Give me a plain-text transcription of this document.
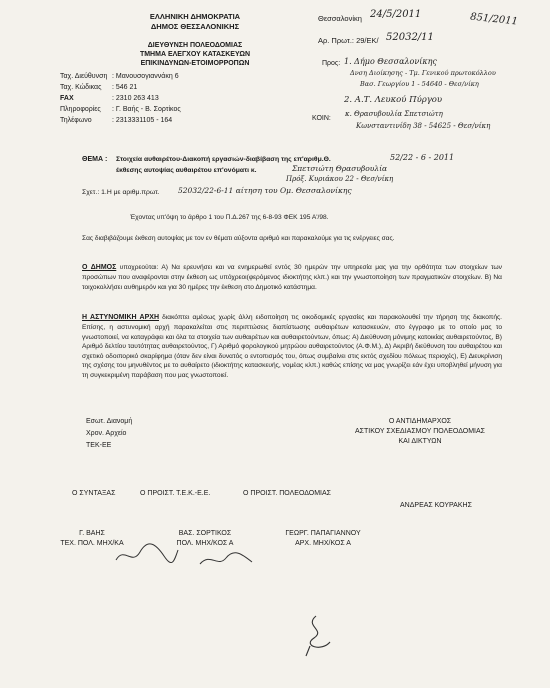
ΕΛΛΗΝΙΚΗ ΔΗΜΟΚΡΑΤΙΑ
ΔΗΜΟΣ ΘΕΣΣΑΛΟΝΙΚΗΣ
ΔΙΕΥΘΥΝΣΗ ΠΟΛΕΟΔΟΜΙΑΣ
ΤΜΗΜΑ ΕΛΕΓΧΟΥ ΚΑΤΑΣΚΕΥΩΝ
ΕΠΙΚΙΝΔΥΝΩΝ-ΕΤΟΙΜΟΡΡΟΠΩΝ
Ταχ. Διεύθυνση : Μανουσογιαννάκη 6
Ταχ. Κώδικας : 546 21
FAX	: 2310 263 413
Πληροφορίες : Γ. Βαής - Β. Σορτίκος
Τηλέφωνο	: 2313331105 - 164
Θεσσαλονίκη 24/5/2011	851/2011
Αρ. Πρωτ.: 29/ΕΚ/ 52032/11
Προς: 1. Δήμο Θεσσαλονίκης
Δνση Διοίκησης - Τμ. Γενικού πρωτοκόλλου
Βασ. Γεωργίου 1 - 54640 - Θεσ/νίκη
2. Α.Τ. Λευκού Πύργου
ΚΟΙΝ:
κ. Θρασυβουλία Σπετσιώτη
Κωνσταντινίδη 38 - 54625 - Θεσ/νίκη
ΘΕΜΑ : Στοιχεία αυθαιρέτου-Διακοπή εργασιών-διαβίβαση της επ'αριθμ.Θ.	52/22 - 6 - 2011
έκθεσης αυτοψίας αυθαιρέτου επ'ονόματι κ.	Σπετσιώτη Θρασυβουλία
Πρόξ. Κυριάκου 22 - Θεσ/νίκη
Σχετ.: 1.Η με αριθμ.πρωτ. 52032/22-6-11 αίτηση του Ομ. Θεσσαλονίκης
Έχοντας υπ'όψη το άρθρο 1 του Π.Δ.267 της 6-8-93 ΦΕΚ 195 Α'/98.
Σας διαβιβάζουμε έκθεση αυτοψίας με τον εν θέματι αύξοντα αριθμό και παρακαλούμε για τις ενέργειες σας.
Ο ΔΗΜΟΣ υποχρεούται: Α) Να ερευνήσει και να ενημερωθεί εντός 30 ημερών την υπηρεσία μας για την ορθότητα των στοιχείων των προσώπων που αναφέρονται στην έκθεση ως υπόχρεοι(φερόμενος ιδιοκτήτης κλπ.) και την γνωστοποίηση των πραγματικών στοιχείων. Β) Να τοιχοκολλήσει αυθημερόν και για 30 ημέρες την έκθεση στο Δημοτικό κατάστημα.
Η ΑΣΤΥΝΟΜΙΚΗ ΑΡΧΗ διακόπτει αμέσως χωρίς άλλη ειδοποίηση τις οικοδομικές εργασίες και παρακολουθεί την τήρηση της διακοπής. Επίσης, η αστυνομική αρχή παρακαλείται στις περιπτώσεις διαπίστωσης αυθαιρέτων κατασκευών, στο έγγραφο με το οποίο μας το γνωστοποιεί, να καταγράφει και όλα τα στοιχεία των αυθαιρέτων και αυθαιρετούντων, όπως: Α) Διεύθυνση μόνιμης κατοικίας αυθαιρετούντος, Β) Αριθμό δελτίου ταυτότητας αυθαιρετούντος, Γ) Αριθμό φορολογικού μητρώου αυθαιρετούντος (Α.Φ.Μ.), Δ) Ακριβή διεύθυνση του αυθαιρέτου και σχετικό οδοιπορικό σκαρίφημα (όταν δεν είναι δυνατός ο εντοπισμός του, όπως συμβαίνει στις εκτός σχεδίου πόλεως περιοχές), Ε) Διευκρίνιση της σχέσης του μηνυθέντος με το αυθαίρετο (ιδιοκτήτης κατασκευής, νομέας κλπ.) καθώς επίσης να μας γνωρίζει εάν έχει υποβληθεί μήνυση για τη συγκεκριμένη παράβαση που μας γνωστοποιεί.
Εσωτ. Διανομή
Χρον. Αρχείο
ΤΕΚ-ΕΕ
Ο ΑΝΤΙΔΗΜΑΡΧΟΣ
ΑΣΤΙΚΟΥ ΣΧΕΔΙΑΣΜΟΥ ΠΟΛΕΟΔΟΜΙΑΣ
ΚΑΙ ΔΙΚΤΥΩΝ
Ο ΣΥΝΤΑΞΑΣ	Ο ΠΡΟΙΣΤ. Τ.Ε.Κ.-Ε.Ε.	Ο ΠΡΟΙΣΤ. ΠΟΛΕΟΔΟΜΙΑΣ
ΑΝΔΡΕΑΣ ΚΟΥΡΑΚΗΣ
Γ. ΒΑΗΣ
ΤΕΧ. ΠΟΛ. ΜΗΧ/ΚΑ
ΒΑΣ. ΣΟΡΤΙΚΟΣ
ΠΟΛ. ΜΗΧ/ΚΟΣ Α
ΓΕΩΡΓ. ΠΑΠΑΓΙΑΝΝΟΥ
ΑΡΧ. ΜΗΧ/ΚΟΣ Α
